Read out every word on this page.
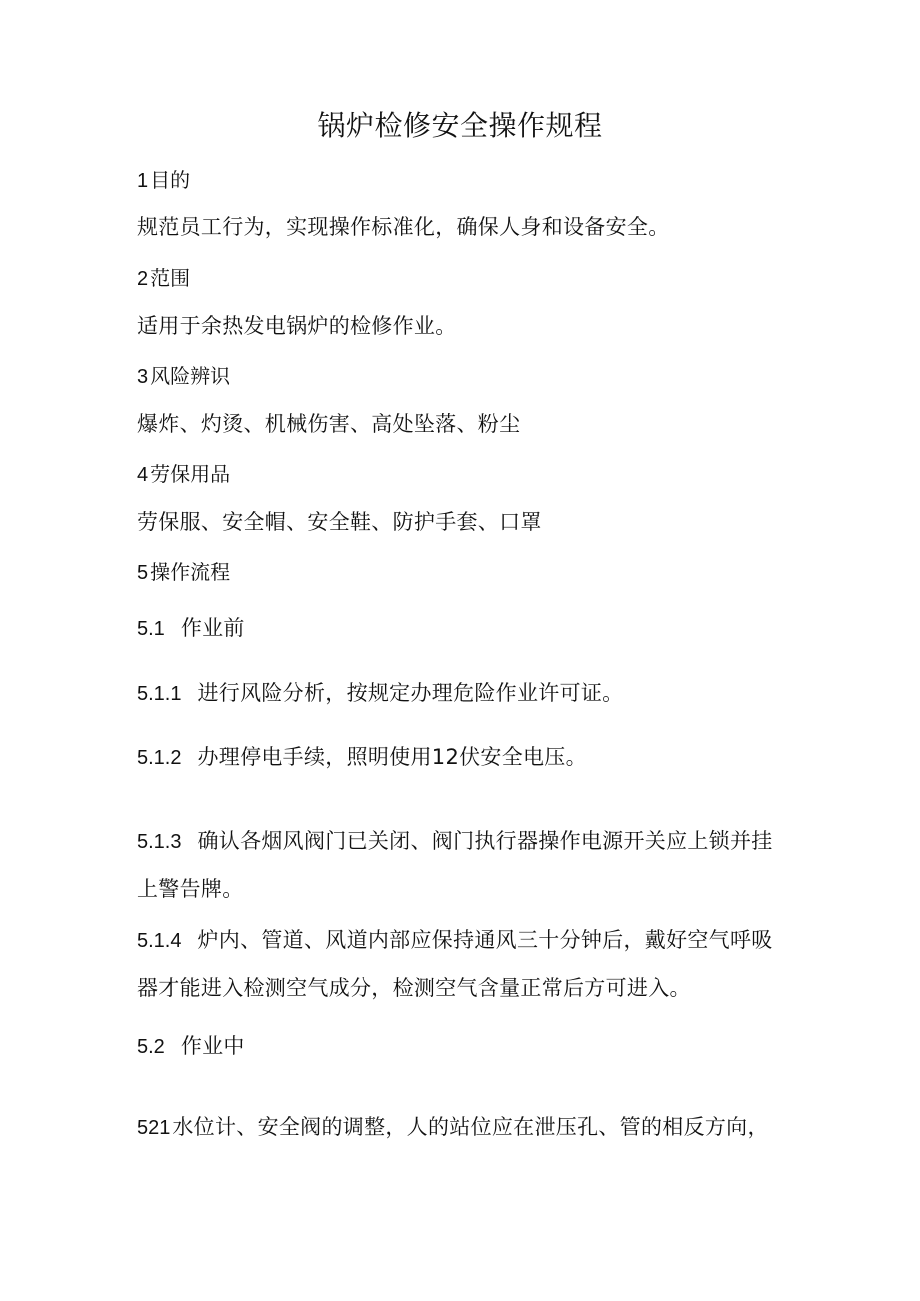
锅炉检修安全操作规程

1 目的

规范员工行为，实现操作标准化，确保人身和设备安全。

2 范围

适用于余热发电锅炉的检修作业。

3 风险辨识

爆炸、灼烫、机械伤害、高处坠落、粉尘

4 劳保用品

劳保服、安全帽、安全鞋、防护手套、口罩

5 操作流程

5.1 作业前

5.1.1 进行风险分析，按规定办理危险作业许可证。

5.1.2 办理停电手续，照明使用12伏安全电压。

5.1.3 确认各烟风阀门已关闭、阀门执行器操作电源开关应上锁并挂

上警告牌。

5.1.4 炉内、管道、风道内部应保持通风三十分钟后，戴好空气呼吸

器才能进入检测空气成分，检测空气含量正常后方可进入。

5.2 作业中

521水位计、安全阀的调整，人的站位应在泄压孔、管的相反方向，
